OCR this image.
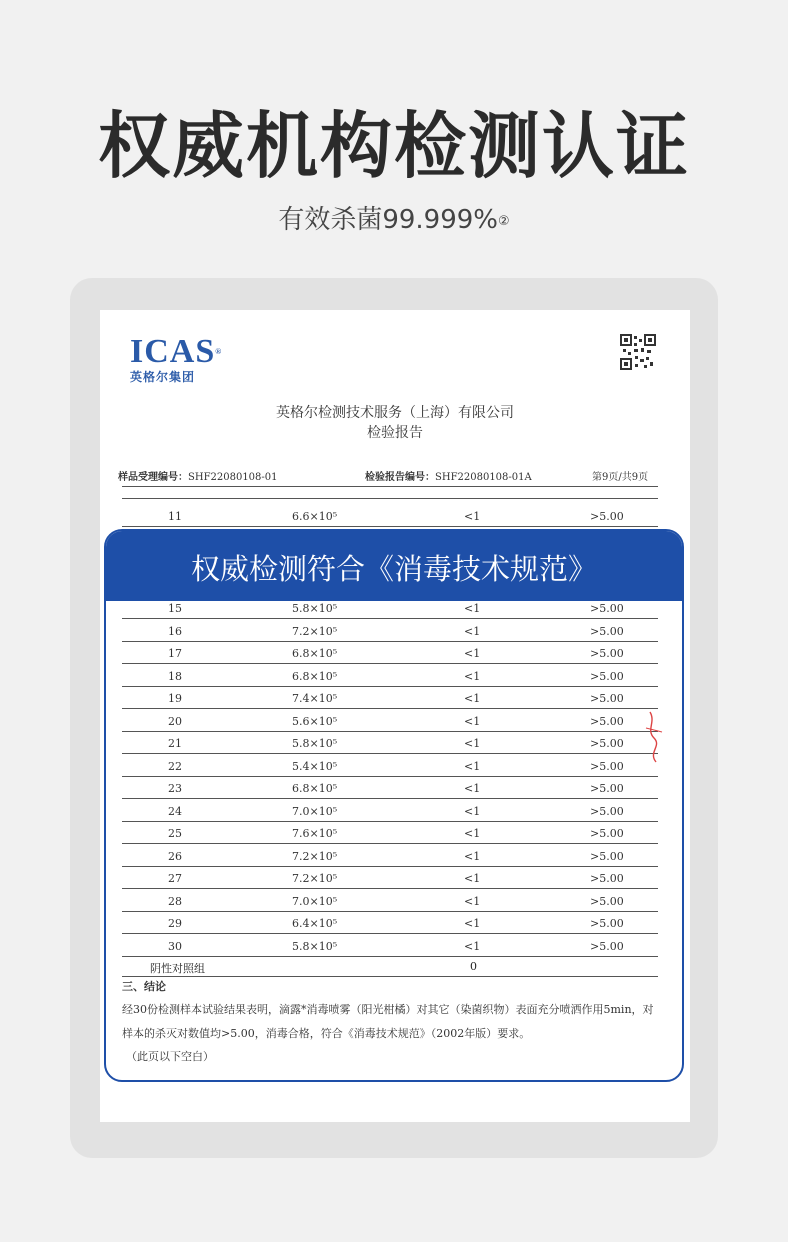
权威机构检测认证
有效杀菌99.999%②
ICAS®
英格尔集团
英格尔检测技术服务（上海）有限公司
检验报告
样品受理编号：SHF22080108-01	检验报告编号：SHF22080108-01A	第9页/共9页
11	6.6×10⁵	<1	>5.00
15	5.8×10⁵	<1	>5.00
16	7.2×10⁵	<1	>5.00
17	6.8×10⁵	<1	>5.00
18	6.8×10⁵	<1	>5.00
19	7.4×10⁵	<1	>5.00
20	5.6×10⁵	<1	>5.00
21	5.8×10⁵	<1	>5.00
22	5.4×10⁵	<1	>5.00
23	6.8×10⁵	<1	>5.00
24	7.0×10⁵	<1	>5.00
25	7.6×10⁵	<1	>5.00
26	7.2×10⁵	<1	>5.00
27	7.2×10⁵	<1	>5.00
28	7.0×10⁵	<1	>5.00
29	6.4×10⁵	<1	>5.00
30	5.8×10⁵	<1	>5.00
阴性对照组	0
三、结论
经30份检测样本试验结果表明，滴露*消毒喷雾（阳光柑橘）对其它（染菌织物）表面充分喷洒作用5min，对样本的杀灭对数值均>5.00，消毒合格，符合《消毒技术规范》（2002年版）要求。
（此页以下空白）
权威检测符合《消毒技术规范》
